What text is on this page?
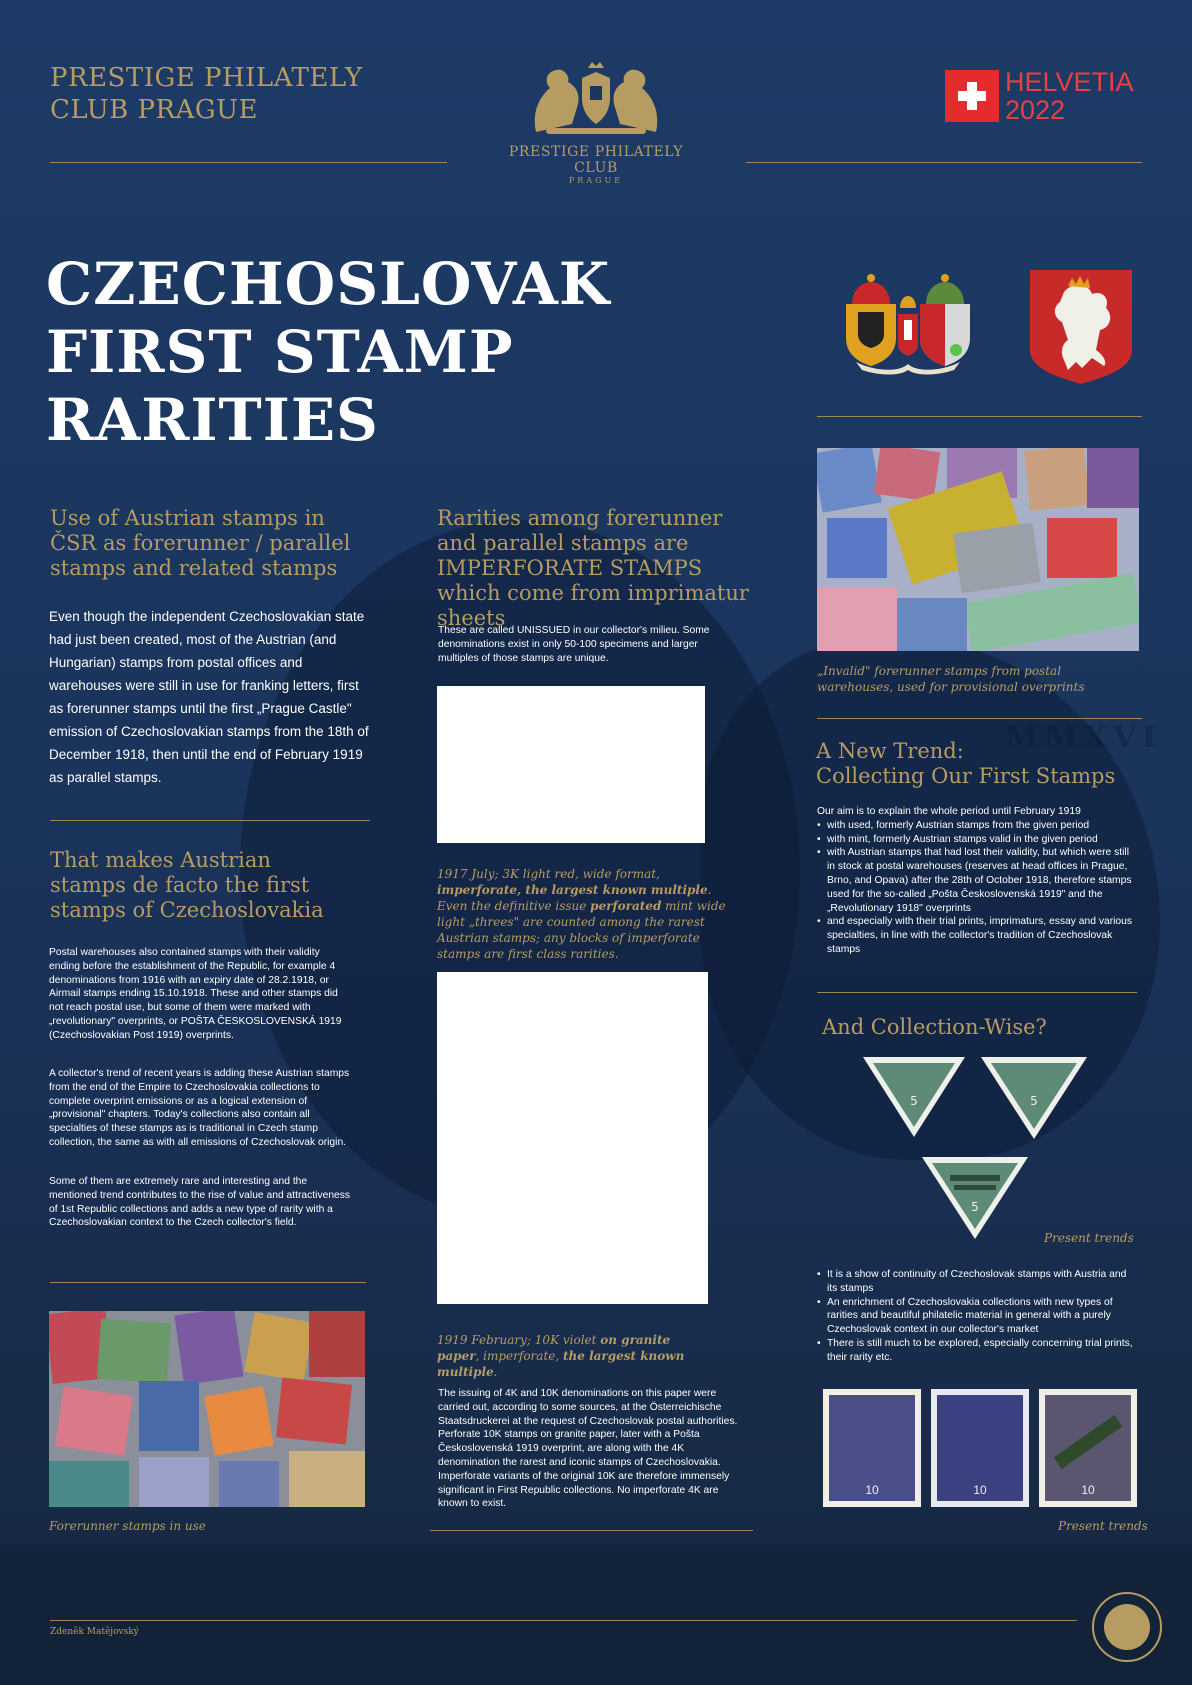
MMXVI
PRESTIGE PHILATELY
CLUB PRAGUE
PRESTIGE PHILATELY CLUB
PRAGUE
HELVETIA
2022
CZECHOSLOVAK
FIRST STAMP
RARITIES
Use of Austrian stamps in ČSR as forerunner / parallel stamps and related stamps
Even though the independent Czechoslovakian state had just been created, most of the Austrian (and Hungarian) stamps from postal offices and warehouses were still in use for franking letters, first as forerunner stamps until the first „Prague Castle" emission of Czechoslovakian stamps from the 18th of December 1918, then until the end of February 1919 as parallel stamps.
That makes Austrian stamps de facto the first stamps of Czechoslovakia
Postal warehouses also contained stamps with their validity ending before the establishment of the Republic, for example 4 denominations from 1916 with an expiry date of 28.2.1918, or Airmail stamps ending 15.10.1918. These and other stamps did not reach postal use, but some of them were marked with „revolutionary" overprints, or POŠTA ČESKOSLOVENSKÁ 1919 (Czechoslovakian Post 1919) overprints.
A collector's trend of recent years is adding these Austrian stamps from the end of the Empire to Czechoslovakia collections to complete overprint emissions or as a logical extension of „provisional" chapters. Today's collections also contain all specialties of these stamps as is traditional in Czech stamp collection, the same as with all emissions of Czechoslovak origin.
Some of them are extremely rare and interesting and the mentioned trend contributes to the rise of value and attractiveness of 1st Republic collections and adds a new type of rarity with a Czechoslovakian context to the Czech collector's field.
Forerunner stamps in use
Rarities among forerunner and parallel stamps are IMPERFORATE STAMPS which come from imprimatur sheets
These are called UNISSUED in our collector's milieu. Some denominations exist in only 50-100 specimens and larger multiples of those stamps are unique.
1917 July; 3K light red, wide format, imperforate, the largest known multiple. Even the definitive issue perforated mint wide light „threes" are counted among the rarest Austrian stamps; any blocks of imperforate stamps are first class rarities.
1919 February; 10K violet on granite paper, imperforate, the largest known multiple.
The issuing of 4K and 10K denominations on this paper were carried out, according to some sources, at the Österreichische Staatsdruckerei at the request of Czechoslovak postal authorities. Perforate 10K stamps on granite paper, later with a Pošta Československá 1919 overprint, are along with the 4K denomination the rarest and iconic stamps of Czechoslovakia. Imperforate variants of the original 10K are therefore immensely significant in First Republic collections. No imperforate 4K are known to exist.
„Invalid" forerunner stamps from postal warehouses, used for provisional overprints
A New Trend:
Collecting Our First Stamps
Our aim is to explain the whole period until February 1919
• with used, formerly Austrian stamps from the given period
• with mint, formerly Austrian stamps valid in the given period
• with Austrian stamps that had lost their validity, but which were still in stock at postal warehouses (reserves at head offices in Prague, Brno, and Opava) after the 28th of October 1918, therefore stamps used for the so-called „Pošta Československá 1919" and the „Revolutionary 1918" overprints
• and especially with their trial prints, imprimaturs, essay and various specialties, in line with the collector's tradition of Czechoslovak stamps
And Collection-Wise?
5	5
5
Present trends
• It is a show of continuity of Czechoslovak stamps with Austria and its stamps
• An enrichment of Czechoslovakia collections with new types of rarities and beautiful philatelic material in general with a purely Czechoslovak context in our collector's market
• There is still much to be explored, especially concerning trial prints, their rarity etc.
10	10	10
Present trends
Zdeněk Matějovský
